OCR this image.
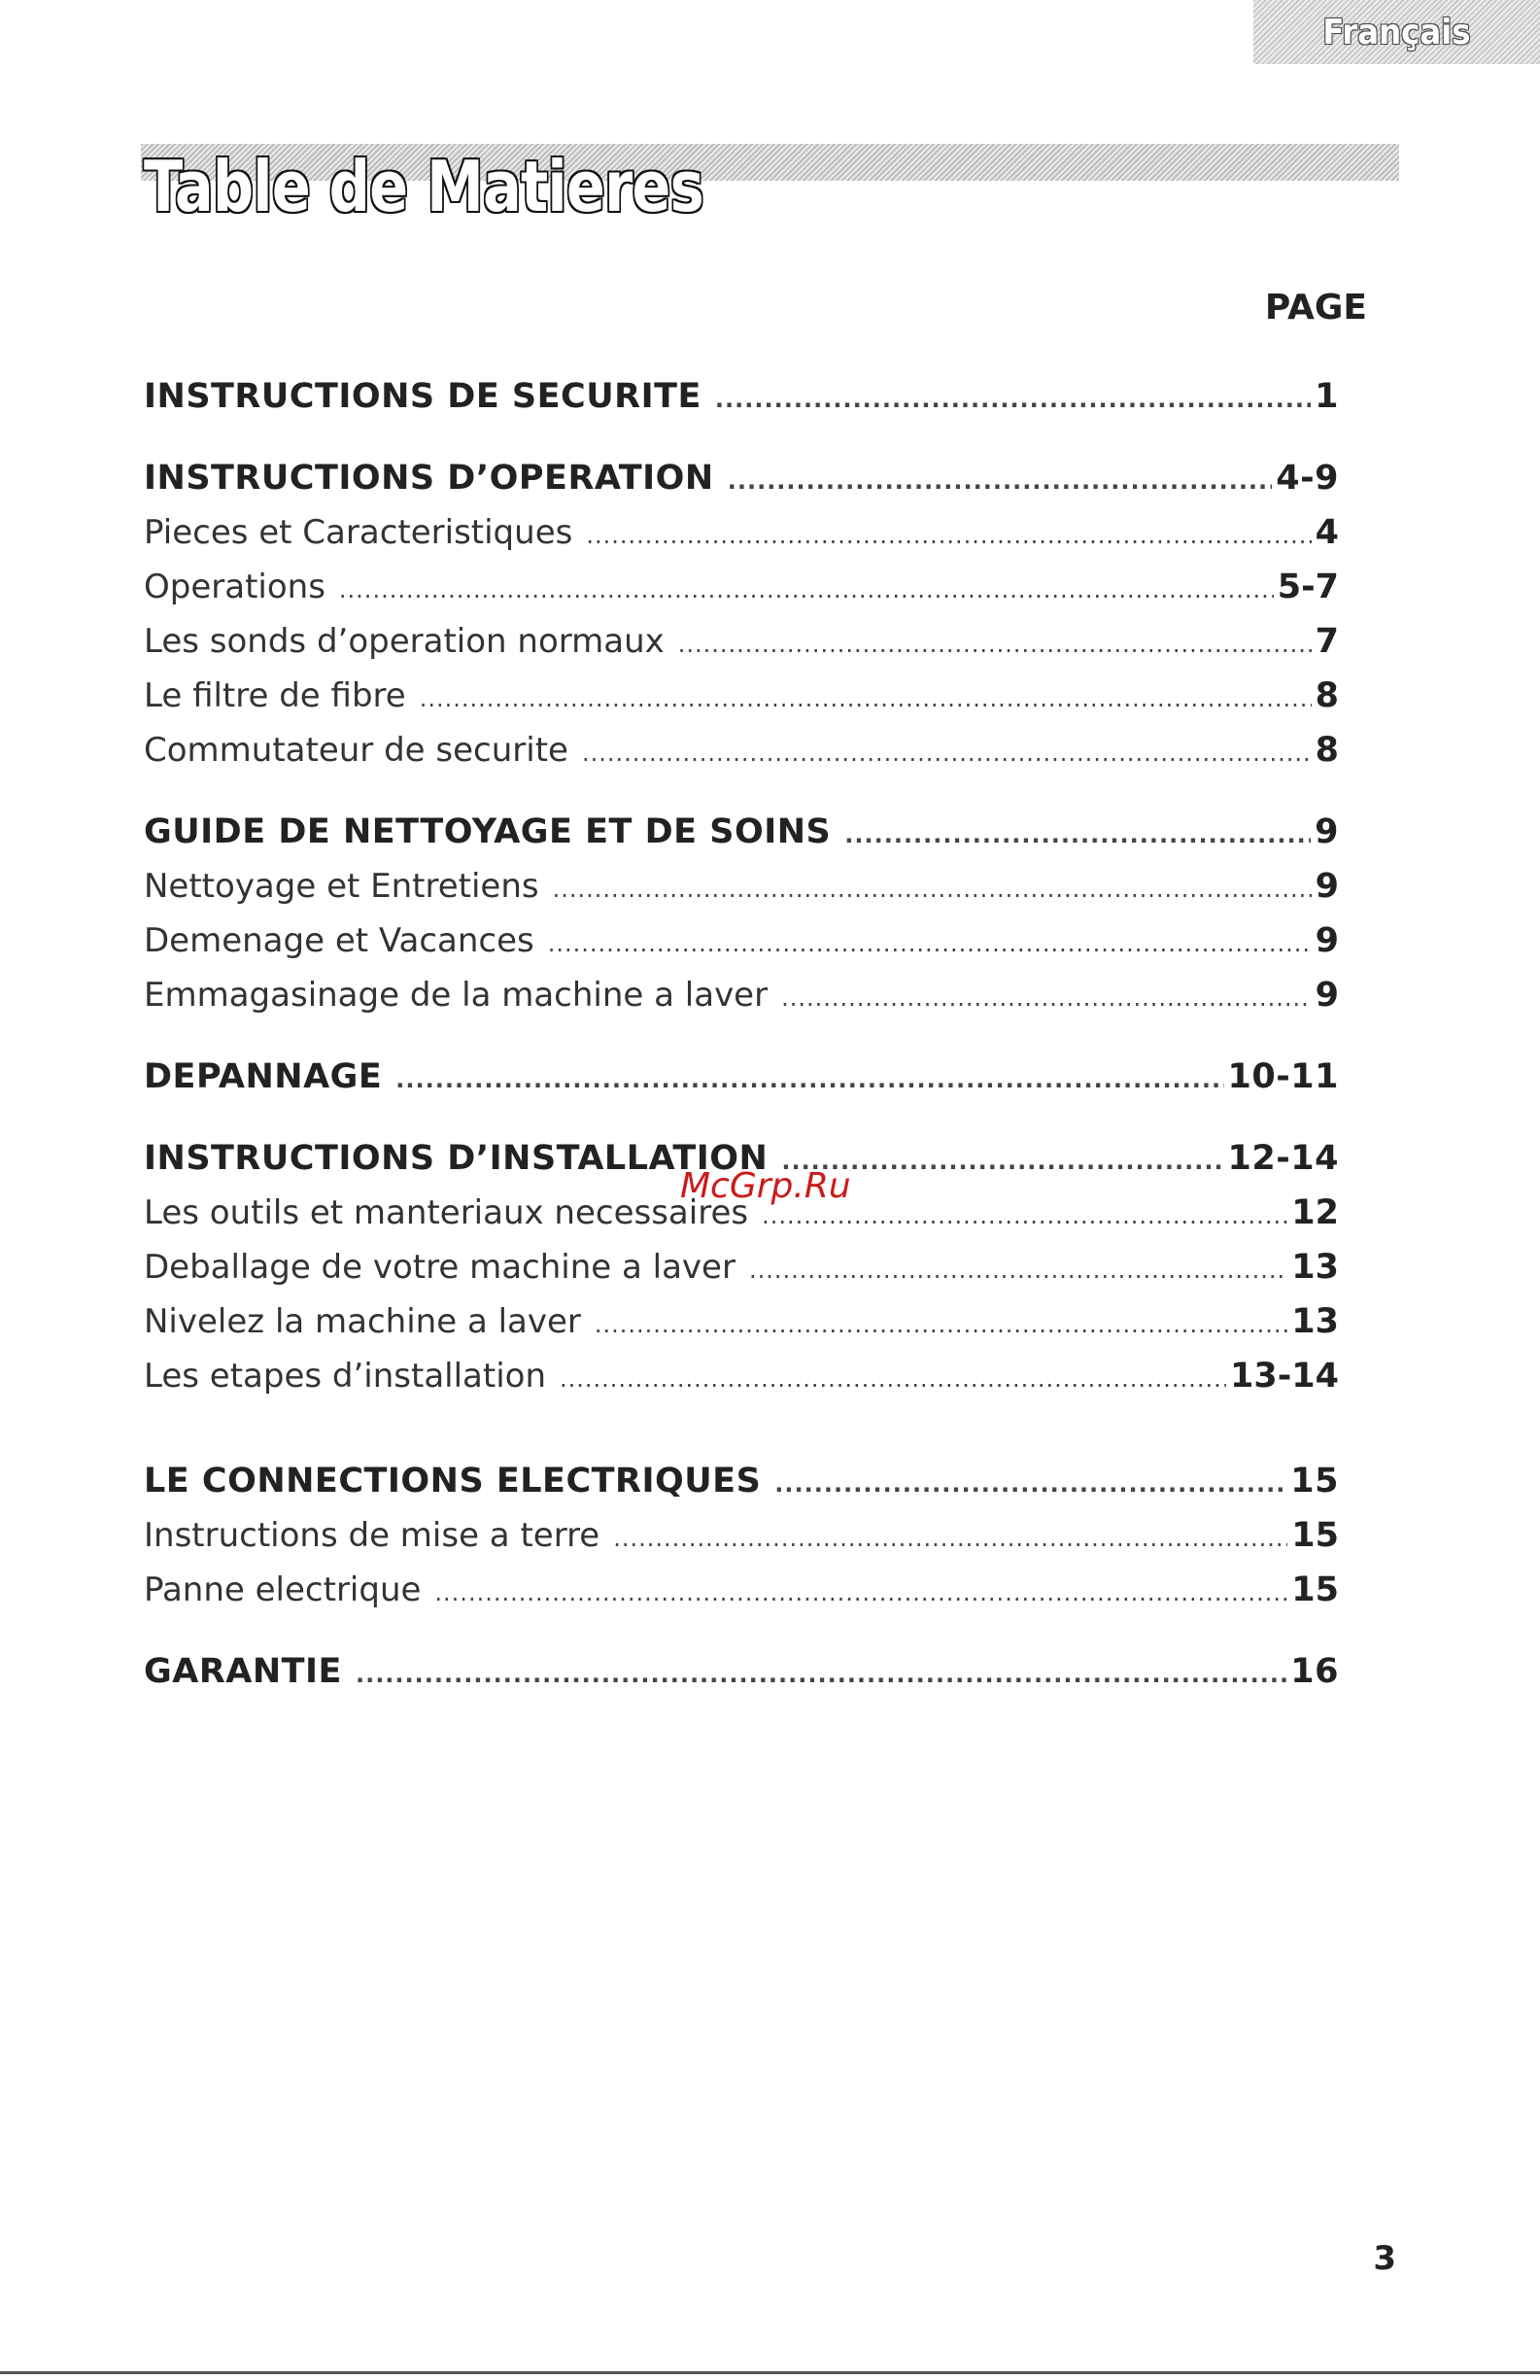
Français
Table de Matieres
PAGE
INSTRUCTIONS DE SECURITE .....	1
INSTRUCTIONS D’OPERATION .....	4-9
Pieces et Caracteristiques .....	4
Operations .....	5-7
Les sonds d’operation normaux .....	7
Le filtre de fibre .....	8
Commutateur de securite .....	8
GUIDE DE NETTOYAGE ET DE SOINS .....	9
Nettoyage et Entretiens .....	9
Demenage et Vacances .....	9
Emmagasinage de la machine a laver .....	9
DEPANNAGE .....	10-11
INSTRUCTIONS D’INSTALLATION .....	12-14
Les outils et manteriaux necessaires .....	12
Deballage de votre machine a laver .....	13
Nivelez la machine a laver .....	13
Les etapes d’installation .....	13-14
LE CONNECTIONS ELECTRIQUES .....	15
Instructions de mise a terre .....	15
Panne electrique .....	15
GARANTIE .....	16
McGrp.Ru
3
